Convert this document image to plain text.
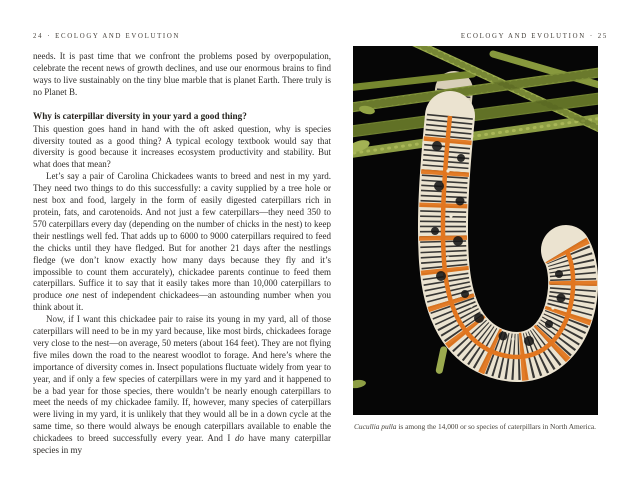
24 · ECOLOGY AND EVOLUTION	ECOLOGY AND EVOLUTION · 25

needs. It is past time that we confront the problems posed by overpopulation, celebrate the recent news of growth declines, and use our enormous brains to find ways to live sustainably on the tiny blue marble that is planet Earth. There truly is no Planet B.

Why is caterpillar diversity in your yard a good thing?

This question goes hand in hand with the oft asked question, why is species diversity touted as a good thing? A typical ecology textbook would say that diversity is good because it increases ecosystem productivity and stability. But what does that mean?

Let’s say a pair of Carolina Chickadees wants to breed and nest in my yard. They need two things to do this successfully: a cavity supplied by a tree hole or nest box and food, largely in the form of easily digested caterpillars rich in protein, fats, and carotenoids. And not just a few caterpillars—they need 350 to 570 caterpillars every day (depending on the number of chicks in the nest) to keep their nestlings well fed. That adds up to 6000 to 9000 caterpillars required to feed the chicks until they have fledged. But for another 21 days after the nestlings fledge (we don’t know exactly how many days because they fly and it’s impossible to count them accurately), chickadee parents continue to feed them caterpillars. Suffice it to say that it easily takes more than 10,000 caterpillars to produce one nest of independent chickadees—an astounding number when you think about it.

Now, if I want this chickadee pair to raise its young in my yard, all of those caterpillars will need to be in my yard because, like most birds, chickadees forage very close to the nest—on average, 50 meters (about 164 feet). They are not flying five miles down the road to the nearest woodlot to forage. And here’s where the importance of diversity comes in. Insect populations fluctuate widely from year to year, and if only a few species of caterpillars were in my yard and it happened to be a bad year for those species, there wouldn’t be nearly enough caterpillars to meet the needs of my chickadee family. If, however, many species of caterpillars were living in my yard, it is unlikely that they would all be in a down cycle at the same time, so there would always be enough caterpillars available to enable the chickadees to breed successfully every year. And I do have many caterpillar species in my

Cucullia pulla is among the 14,000 or so species of caterpillars in North America.
